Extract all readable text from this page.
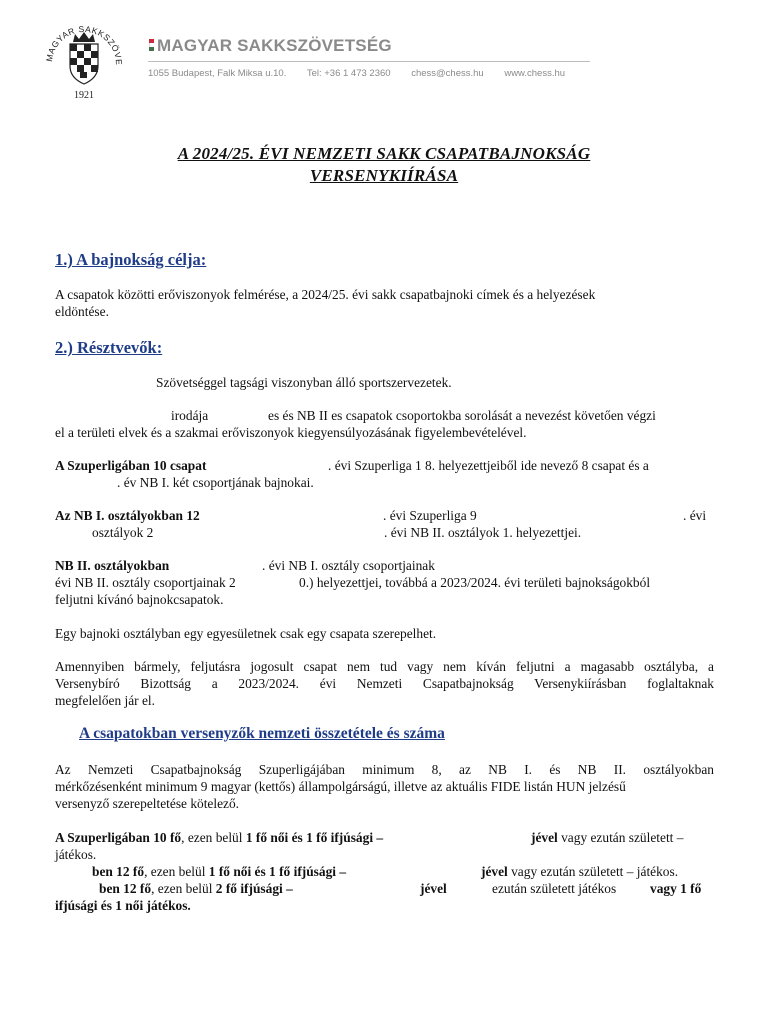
MAGYAR SAKKSZÖVE
1921
MAGYAR SAKKSZÖVETSÉG
1055 Budapest, Falk Miksa u.10. Tel: +36 1 473 2360 chess@chess.hu www.chess.hu
A 2024/25. ÉVI NEMZETI SAKK CSAPATBAJNOKSÁG
VERSENYKIÍRÁSA
1.) A bajnokság célja:
A csapatok közötti erőviszonyok felmérése, a 2024/25. évi sakk csapatbajnoki címek és a helyezések
eldöntése.
2.) Résztvevők:
Szövetséggel tagsági viszonyban álló sportszervezetek.
irodája	es és NB II es csapatok csoportokba sorolását a nevezést követően végzi
el a területi elvek és a szakmai erőviszonyok kiegyensúlyozásának figyelembevételével.
A Szuperligában 10 csapat	. évi Szuperliga 1 8. helyezettjeiből ide nevező 8 csapat és a
. év NB I. két csoportjának bajnokai.
Az NB I. osztályokban 12	. évi Szuperliga 9	. évi
osztályok 2	. évi NB II. osztályok 1. helyezettjei.
NB II. osztályokban	. évi NB I. osztály csoportjainak
évi NB II. osztály csoportjainak 2	0.) helyezettjei, továbbá a 2023/2024. évi területi bajnokságokból
feljutni kívánó bajnokcsapatok.
Egy bajnoki osztályban egy egyesületnek csak egy csapata szerepelhet.
Amennyiben bármely, feljutásra jogosult csapat nem tud vagy nem kíván feljutni a magasabb osztályba, a
Versenybíró Bizottság a 2023/2024. évi Nemzeti Csapatbajnokság Versenykiírásban foglaltaknak
megfelelően jár el.
A csapatokban versenyzők nemzeti összetétele és száma
Az Nemzeti Csapatbajnokság Szuperligájában minimum 8, az NB I. és NB II. osztályokban
mérkőzésenként minimum 9 magyar (kettős) állampolgárságú, illetve az aktuális FIDE listán HUN jelzésű
versenyző szerepeltetése kötelező.
A Szuperligában 10 fő, ezen belül 1 fő női és 1 fő ifjúsági –	jével vagy ezután született –
játékos.
ben 12 fő, ezen belül 1 fő női és 1 fő ifjúsági –	jével vagy ezután született – játékos.
ben 12 fő, ezen belül 2 fő ifjúsági –	jével	ezután született játékos	vagy 1 fő
ifjúsági és 1 női játékos.
